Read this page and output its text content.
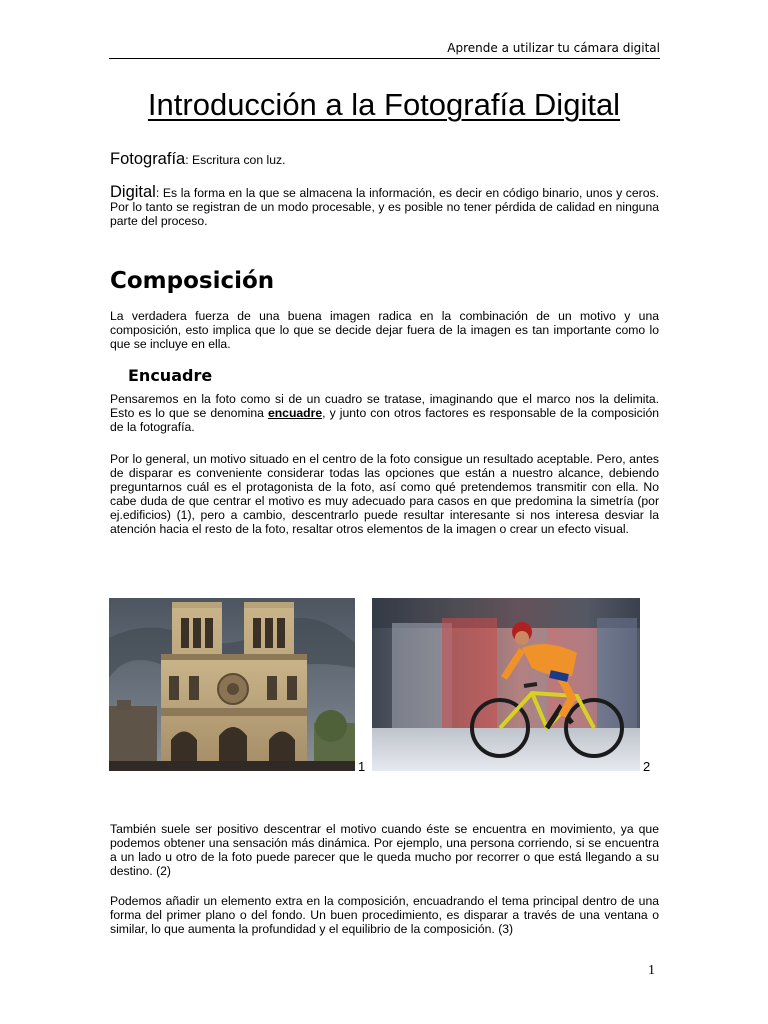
Aprende a utilizar tu cámara digital
Introducción a la Fotografía Digital
Fotografía: Escritura con luz.
Digital: Es la forma en la que se almacena la información, es decir en código binario, unos y ceros. Por lo tanto se registran de un modo procesable, y es posible no tener pérdida de calidad en ninguna parte del proceso.
Composición
La verdadera fuerza de una buena imagen radica en la combinación de un motivo y una composición, esto implica que lo que se decide dejar fuera de la imagen es tan importante como lo que se incluye en ella.
Encuadre
Pensaremos en la foto como si de un cuadro se tratase, imaginando que el marco nos la delimita. Esto es lo que se denomina encuadre, y junto con otros factores es responsable de la composición de la fotografía.
Por lo general, un motivo situado en el centro de la foto consigue un resultado aceptable. Pero, antes de disparar es conveniente considerar todas las opciones que están a nuestro alcance, debiendo preguntarnos cuál es el protagonista de la foto, así como qué pretendemos transmitir con ella. No cabe duda de que centrar el motivo es muy adecuado para casos en que predomina la simetría (por ej.edificios) (1), pero a cambio, descentrarlo puede resultar interesante si nos interesa desviar la atención hacia el resto de la foto, resaltar otros elementos de la imagen o crear un efecto visual.
1	2
También suele ser positivo descentrar el motivo cuando éste se encuentra en movimiento, ya que podemos obtener una sensación más dinámica. Por ejemplo, una persona corriendo, si se encuentra a un lado u otro de la foto puede parecer que le queda mucho por recorrer o que está llegando a su destino. (2)
Podemos añadir un elemento extra en la composición, encuadrando el tema principal dentro de una forma del primer plano o del fondo. Un buen procedimiento, es disparar a través de una ventana o similar, lo que aumenta la profundidad y el equilibrio de la composición. (3)
1
